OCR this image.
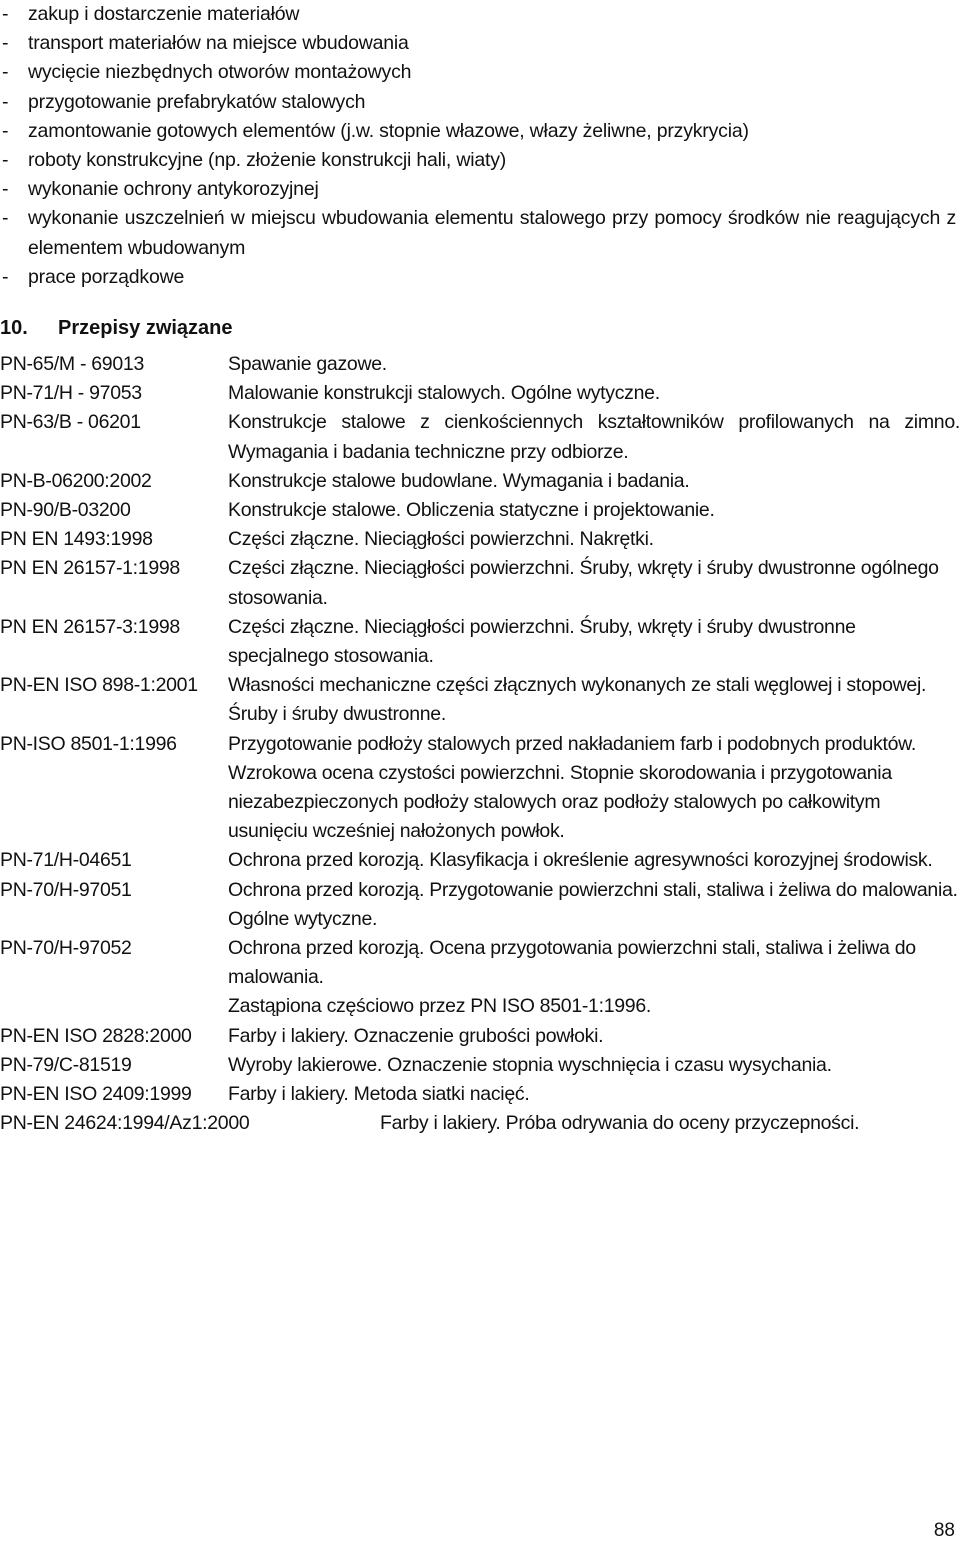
- zakup i dostarczenie materiałów
- transport materiałów na miejsce wbudowania
- wycięcie niezbędnych otworów montażowych
- przygotowanie prefabrykatów stalowych
- zamontowanie gotowych elementów (j.w. stopnie włazowe, włazy żeliwne, przykrycia)
- roboty konstrukcyjne (np. złożenie konstrukcji hali, wiaty)
- wykonanie ochrony antykorozyjnej
- wykonanie uszczelnień w miejscu wbudowania elementu stalowego przy pomocy środków nie reagujących z elementem wbudowanym
- prace porządkowe
10. Przepisy związane
PN-65/M - 69013	Spawanie gazowe.
PN-71/H - 97053	Malowanie konstrukcji stalowych. Ogólne wytyczne.
PN-63/B - 06201	Konstrukcje stalowe z cienkościennych kształtowników profilowanych na zimno. Wymagania i badania techniczne przy odbiorze.
PN-B-06200:2002	Konstrukcje stalowe budowlane. Wymagania i badania.
PN-90/B-03200	Konstrukcje stalowe. Obliczenia statyczne i projektowanie.
PN EN 1493:1998	Części złączne. Nieciągłości powierzchni. Nakrętki.
PN EN 26157-1:1998 Części złączne. Nieciągłości powierzchni. Śruby, wkręty i śruby dwustronne ogólnego stosowania.
PN EN 26157-3:1998 Części złączne. Nieciągłości powierzchni. Śruby, wkręty i śruby dwustronne specjalnego stosowania.
PN-EN ISO 898-1:2001 Własności mechaniczne części złącznych wykonanych ze stali węglowej i stopowej. Śruby i śruby dwustronne.
PN-ISO 8501-1:1996	Przygotowanie podłoży stalowych przed nakładaniem farb i podobnych produktów. Wzrokowa ocena czystości powierzchni. Stopnie skorodowania i przygotowania niezabezpieczonych podłoży stalowych oraz podłoży stalowych po całkowitym usunięciu wcześniej nałożonych powłok.
PN-71/H-04651	Ochrona przed korozją. Klasyfikacja i określenie agresywności korozyjnej środowisk.
PN-70/H-97051	Ochrona przed korozją. Przygotowanie powierzchni stali, staliwa i żeliwa do malowania. Ogólne wytyczne.
PN-70/H-97052	Ochrona przed korozją. Ocena przygotowania powierzchni stali, staliwa i żeliwa do malowania.
Zastąpiona częściowo przez PN ISO 8501-1:1996.
PN-EN ISO 2828:2000 Farby i lakiery. Oznaczenie grubości powłoki.
PN-79/C-81519	Wyroby lakierowe. Oznaczenie stopnia wyschnięcia i czasu wysychania.
PN-EN ISO 2409:1999 Farby i lakiery. Metoda siatki nacięć.
PN-EN 24624:1994/Az1:2000	Farby i lakiery. Próba odrywania do oceny przyczepności.
88
